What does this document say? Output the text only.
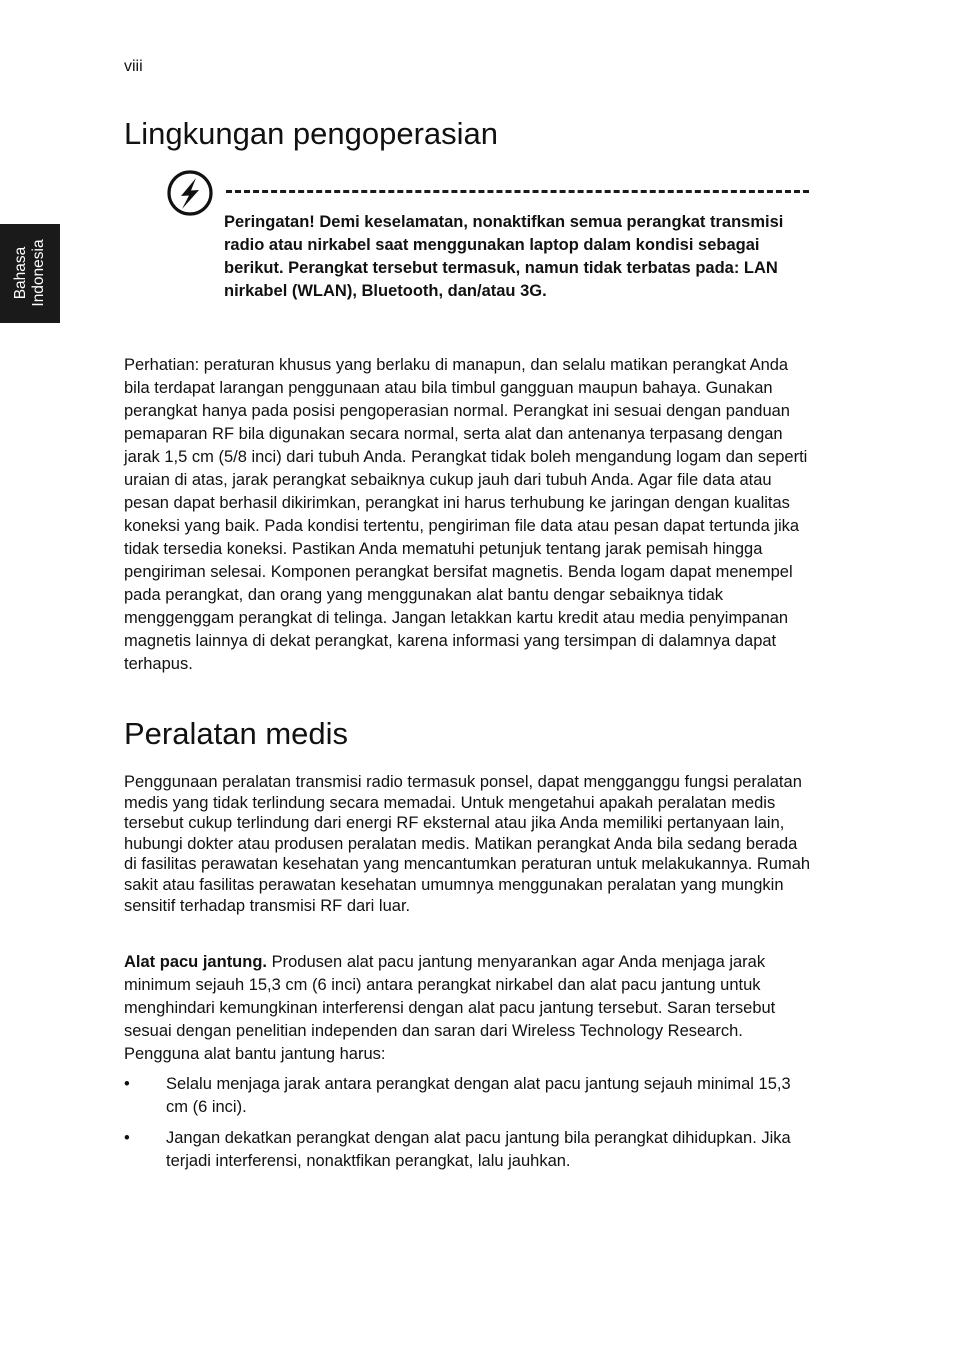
viii
Bahasa Indonesia
Lingkungan pengoperasian

Peringatan! Demi keselamatan, nonaktifkan semua perangkat transmisi radio atau nirkabel saat menggunakan laptop dalam kondisi sebagai berikut. Perangkat tersebut termasuk, namun tidak terbatas pada: LAN nirkabel (WLAN), Bluetooth, dan/atau 3G.

Perhatian: peraturan khusus yang berlaku di manapun, dan selalu matikan perangkat Anda bila terdapat larangan penggunaan atau bila timbul gangguan maupun bahaya. Gunakan perangkat hanya pada posisi pengoperasian normal. Perangkat ini sesuai dengan panduan pemaparan RF bila digunakan secara normal, serta alat dan antenanya terpasang dengan jarak 1,5 cm (5/8 inci) dari tubuh Anda. Perangkat tidak boleh mengandung logam dan seperti uraian di atas, jarak perangkat sebaiknya cukup jauh dari tubuh Anda. Agar file data atau pesan dapat berhasil dikirimkan, perangkat ini harus terhubung ke jaringan dengan kualitas koneksi yang baik. Pada kondisi tertentu, pengiriman file data atau pesan dapat tertunda jika tidak tersedia koneksi. Pastikan Anda mematuhi petunjuk tentang jarak pemisah hingga pengiriman selesai. Komponen perangkat bersifat magnetis. Benda logam dapat menempel pada perangkat, dan orang yang menggunakan alat bantu dengar sebaiknya tidak menggenggam perangkat di telinga. Jangan letakkan kartu kredit atau media penyimpanan magnetis lainnya di dekat perangkat, karena informasi yang tersimpan di dalamnya dapat terhapus.

Peralatan medis

Penggunaan peralatan transmisi radio termasuk ponsel, dapat mengganggu fungsi peralatan medis yang tidak terlindung secara memadai. Untuk mengetahui apakah peralatan medis tersebut cukup terlindung dari energi RF eksternal atau jika Anda memiliki pertanyaan lain, hubungi dokter atau produsen peralatan medis. Matikan perangkat Anda bila sedang berada di fasilitas perawatan kesehatan yang mencantumkan peraturan untuk melakukannya. Rumah sakit atau fasilitas perawatan kesehatan umumnya menggunakan peralatan yang mungkin sensitif terhadap transmisi RF dari luar.

Alat pacu jantung. Produsen alat pacu jantung menyarankan agar Anda menjaga jarak minimum sejauh 15,3 cm (6 inci) antara perangkat nirkabel dan alat pacu jantung untuk menghindari kemungkinan interferensi dengan alat pacu jantung tersebut. Saran tersebut sesuai dengan penelitian independen dan saran dari Wireless Technology Research. Pengguna alat bantu jantung harus:

• Selalu menjaga jarak antara perangkat dengan alat pacu jantung sejauh minimal 15,3 cm (6 inci).
• Jangan dekatkan perangkat dengan alat pacu jantung bila perangkat dihidupkan. Jika terjadi interferensi, nonaktfikan perangkat, lalu jauhkan.
